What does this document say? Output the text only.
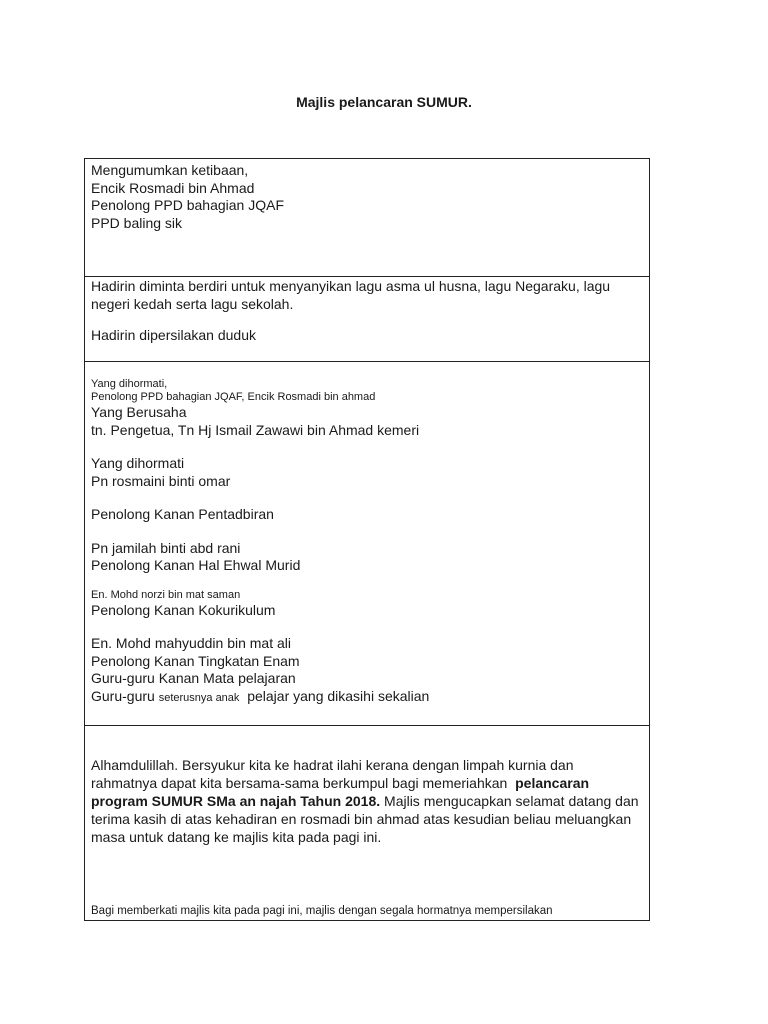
Majlis pelancaran SUMUR.
Mengumumkan ketibaan,
Encik Rosmadi bin Ahmad
Penolong PPD bahagian JQAF
PPD baling sik

Hadirin diminta berdiri untuk menyanyikan lagu asma ul husna, lagu Negaraku, lagu negeri kedah serta lagu sekolah.

Hadirin dipersilakan duduk

Yang dihormati,
Penolong PPD bahagian JQAF, Encik Rosmadi bin ahmad
Yang Berusaha
tn. Pengetua, Tn Hj Ismail Zawawi bin Ahmad kemeri
Yang dihormati
Pn rosmaini binti omar
Penolong Kanan Pentadbiran
Pn jamilah binti abd rani
Penolong Kanan Hal Ehwal Murid
En. Mohd norzi bin mat saman
Penolong Kanan Kokurikulum
En. Mohd mahyuddin bin mat ali
Penolong Kanan Tingkatan Enam
Guru-guru Kanan Mata pelajaran
Guru-guru seterusnya anak pelajar yang dikasihi sekalian
Alhamdulillah. Bersyukur kita ke hadrat ilahi kerana dengan limpah kurnia dan rahmatnya dapat kita bersama-sama berkumpul bagi memeriahkan pelancaran program SUMUR SMa an najah Tahun 2018. Majlis mengucapkan selamat datang dan terima kasih di atas kehadiran en rosmadi bin ahmad atas kesudian beliau meluangkan masa untuk datang ke majlis kita pada pagi ini.
Bagi memberkati majlis kita pada pagi ini, majlis dengan segala hormatnya mempersilakan
